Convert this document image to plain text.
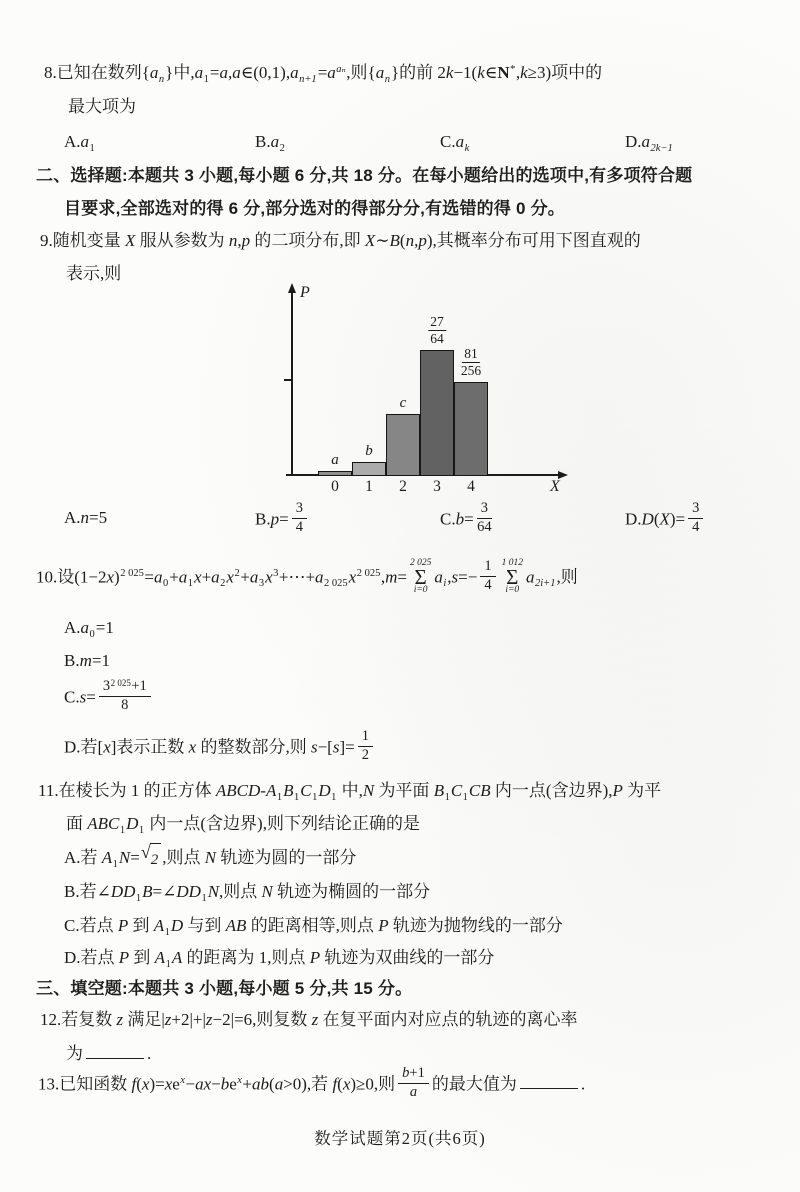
8.已知在数列$\{a_n\}$中$,a_1=a,a\in(0,1),a_{n+1}=a^{a_n}$,则$\{a_n\}$的前 2k−1(k∈N*,k≥3)项中的
最大项为
$A.a_1$	$B.a_2$	$C.a_k$	$D.a_{2k-1}$
二、选择题:本题共 3 小题,每小题 6 分,共 18 分。在每小题给出的选项中,有多项符合题
目要求,全部选对的得 6 分,部分选对的得部分分,有选错的得 0 分。
9.随机变量 X 服从参数为 n,p 的二项分布,即 X∼B(n,p),其概率分布可用下图直观的
表示,则
P
X
a
0
b
1
c
2
27
64
3
81
256
4
A.n=5	$B.p= \frac{3}{4}$	$C.b= \frac{3}{64}$	$D.D(X)= \frac{3}{4}$
10.设$(1-2x)^{2 025}=a_0+a_1x+a_2x^2+a_3x^3+\cdots+a_{2 025}x^{2 025},m=$
2 025
Σ
i=0
$a_i,s=- \frac{1}{4} 1$ 012
Σ
i=0
$a_{2i+1}$,则
$A.a_0=1$
B.m=1
$C.s= \frac{3^{2 025}+1}{8}$
D.若[x]表示正数 x 的整数部分,则 $s-[s]= \frac{1}{2}$
11.在棱长为 1 的正方体 ABCD-$A_1B_1C_1D_1$ 中,N 为平面 $B_1C_1CB$ 内一点(含边界),P 为平
面 $ABC_1D_1$ 内一点(含边界),则下列结论正确的是
A.若 $A_1N=$ √ 2 ,则点 N 轨迹为圆的一部分
B.若$\angle DD_1B=\angle DD_1N$,则点 N 轨迹为椭圆的一部分
C.若点 P 到 $A_1D$ 与到 AB 的距离相等,则点 P 轨迹为抛物线的一部分
D.若点 P 到 $A_1A$ 的距离为 1,则点 P 轨迹为双曲线的一部分
三、填空题:本题共 3 小题,每小题 5 分,共 15 分。
12.若复数 z 满足|z+2|+|z−2|=6,则复数 z 在复平面内对应点的轨迹的离心率
为	.
13.已知函数 $f(x)=xe^x-ax-be^x+ab(a>0)$,若 f(x)≥0,则 $\frac{b+1}{a}$ 的最大值为	.
数学试题第2页(共6页)
